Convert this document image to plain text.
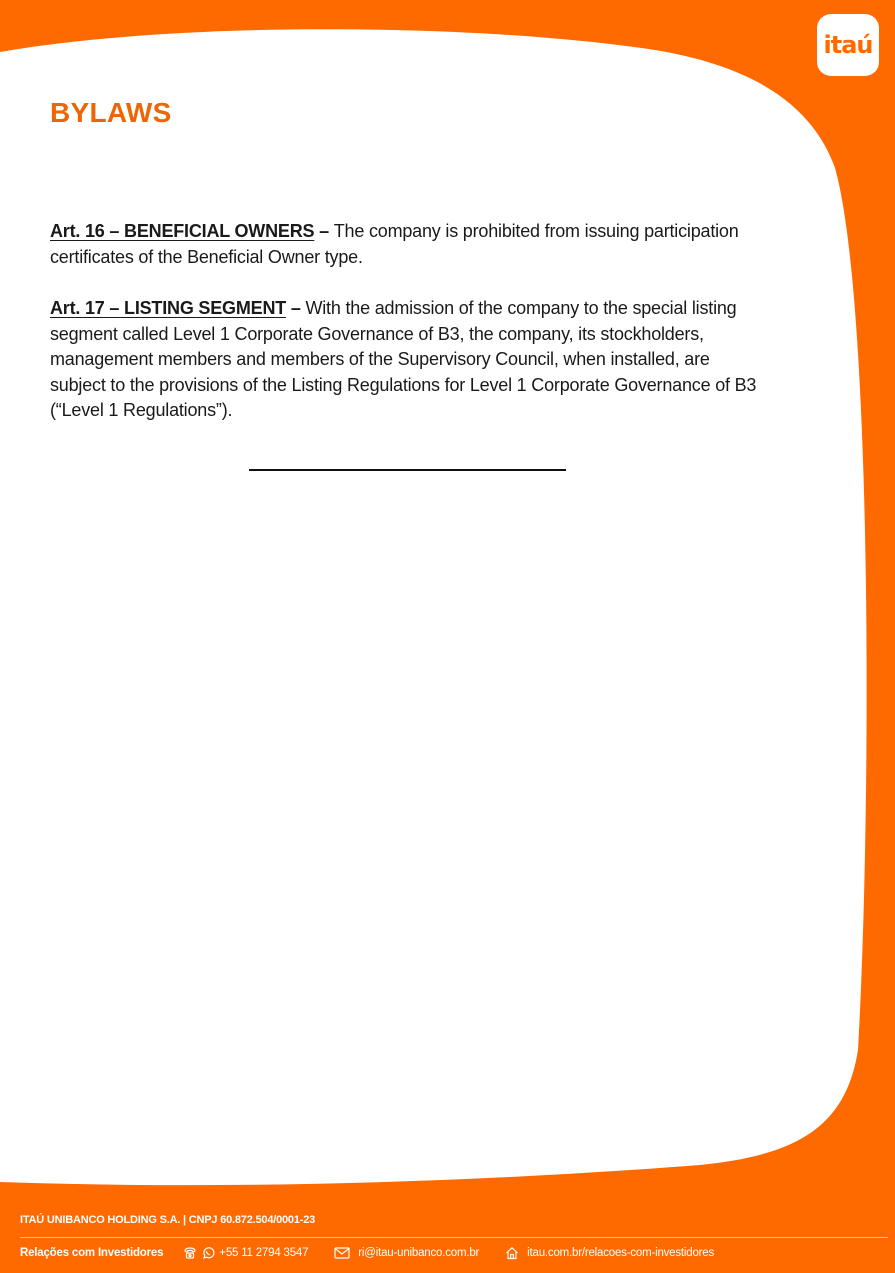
itaú
BYLAWS

Art. 16 – BENEFICIAL OWNERS – The company is prohibited from issuing participation certificates of the Beneficial Owner type.

Art. 17 – LISTING SEGMENT – With the admission of the company to the special listing segment called Level 1 Corporate Governance of B3, the company, its stockholders, management members and members of the Supervisory Council, when installed, are subject to the provisions of the Listing Regulations for Level 1 Corporate Governance of B3 (“Level 1 Regulations”).

ITAÚ UNIBANCO HOLDING S.A. | CNPJ 60.872.504/0001-23

Relações com Investidores	+55 11 2794 3547	ri@itau-unibanco.com.br	itau.com.br/relacoes-com-investidores
